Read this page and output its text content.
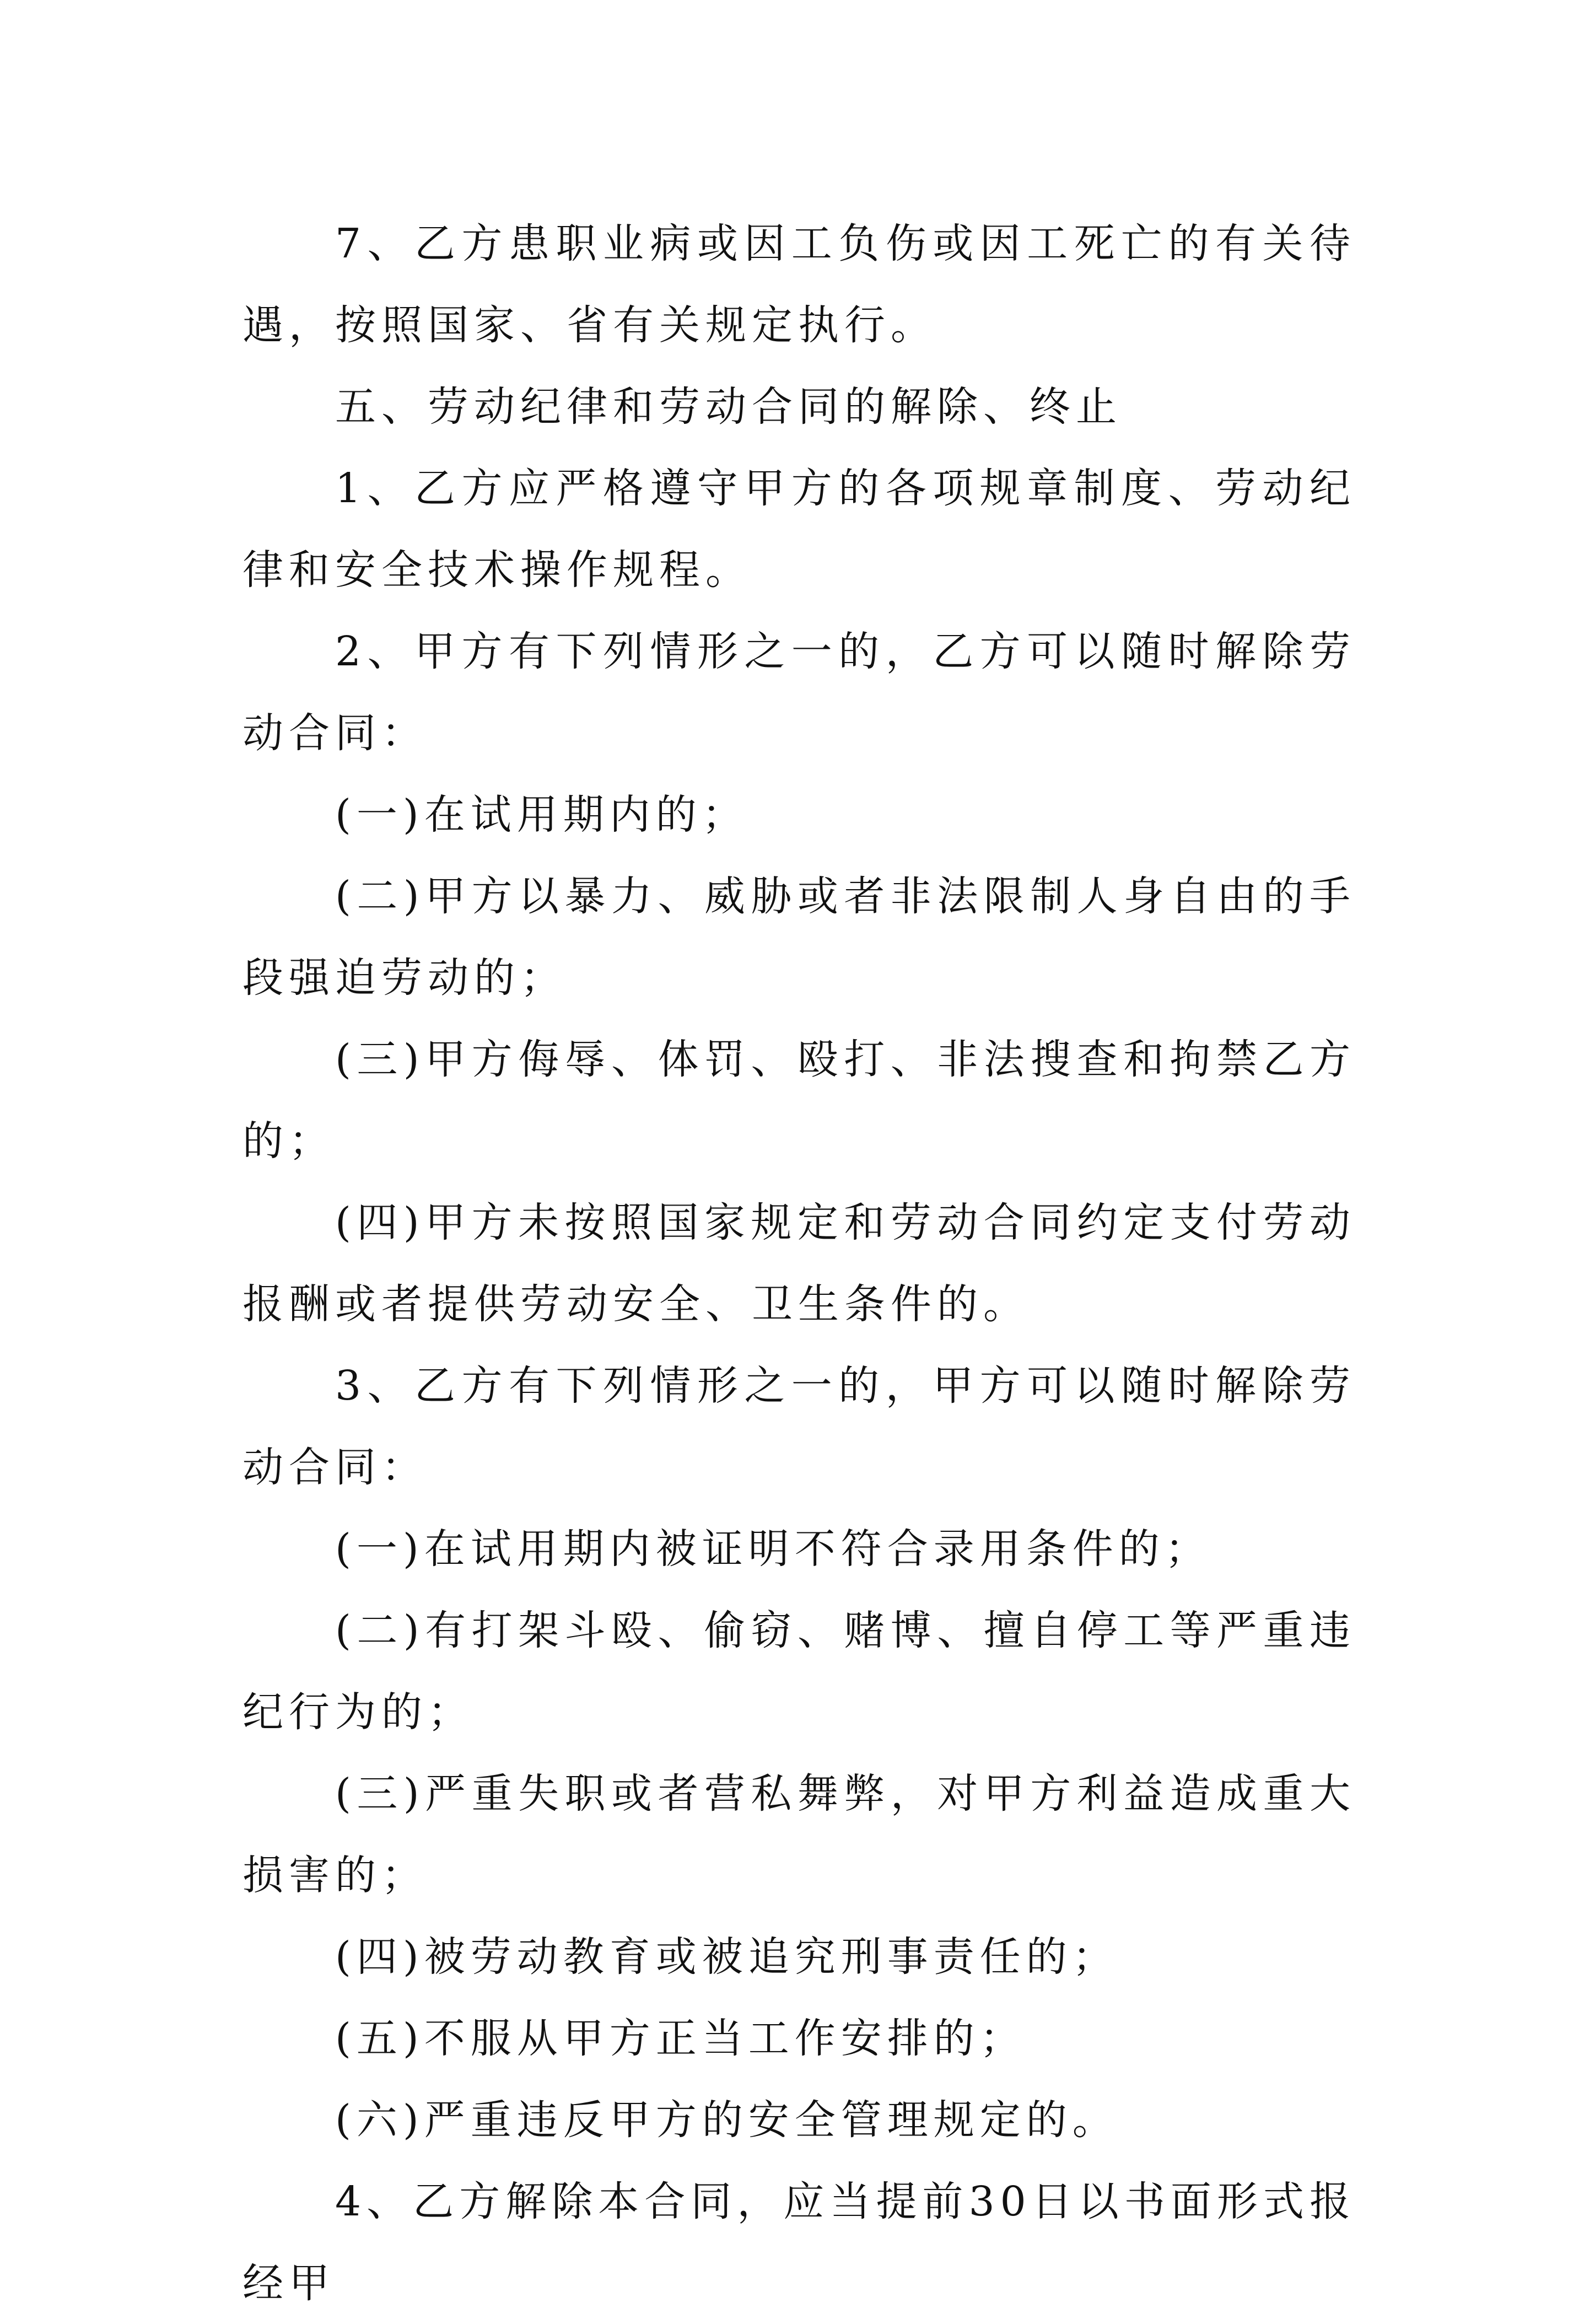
7、乙方患职业病或因工负伤或因工死亡的有关待遇，按照国家、省有关规定执行。

五、劳动纪律和劳动合同的解除、终止

1、乙方应严格遵守甲方的各项规章制度、劳动纪律和安全技术操作规程。

2、甲方有下列情形之一的，乙方可以随时解除劳动合同：

(一)在试用期内的；

(二)甲方以暴力、威胁或者非法限制人身自由的手段强迫劳动的；

(三)甲方侮辱、体罚、殴打、非法搜查和拘禁乙方的；

(四)甲方未按照国家规定和劳动合同约定支付劳动报酬或者提供劳动安全、卫生条件的。

3、乙方有下列情形之一的，甲方可以随时解除劳动合同：

(一)在试用期内被证明不符合录用条件的；

(二)有打架斗殴、偷窃、赌博、擅自停工等严重违纪行为的；

(三)严重失职或者营私舞弊，对甲方利益造成重大损害的；

(四)被劳动教育或被追究刑事责任的；

(五)不服从甲方正当工作安排的；

(六)严重违反甲方的安全管理规定的。

4、乙方解除本合同，应当提前30日以书面形式报经甲
